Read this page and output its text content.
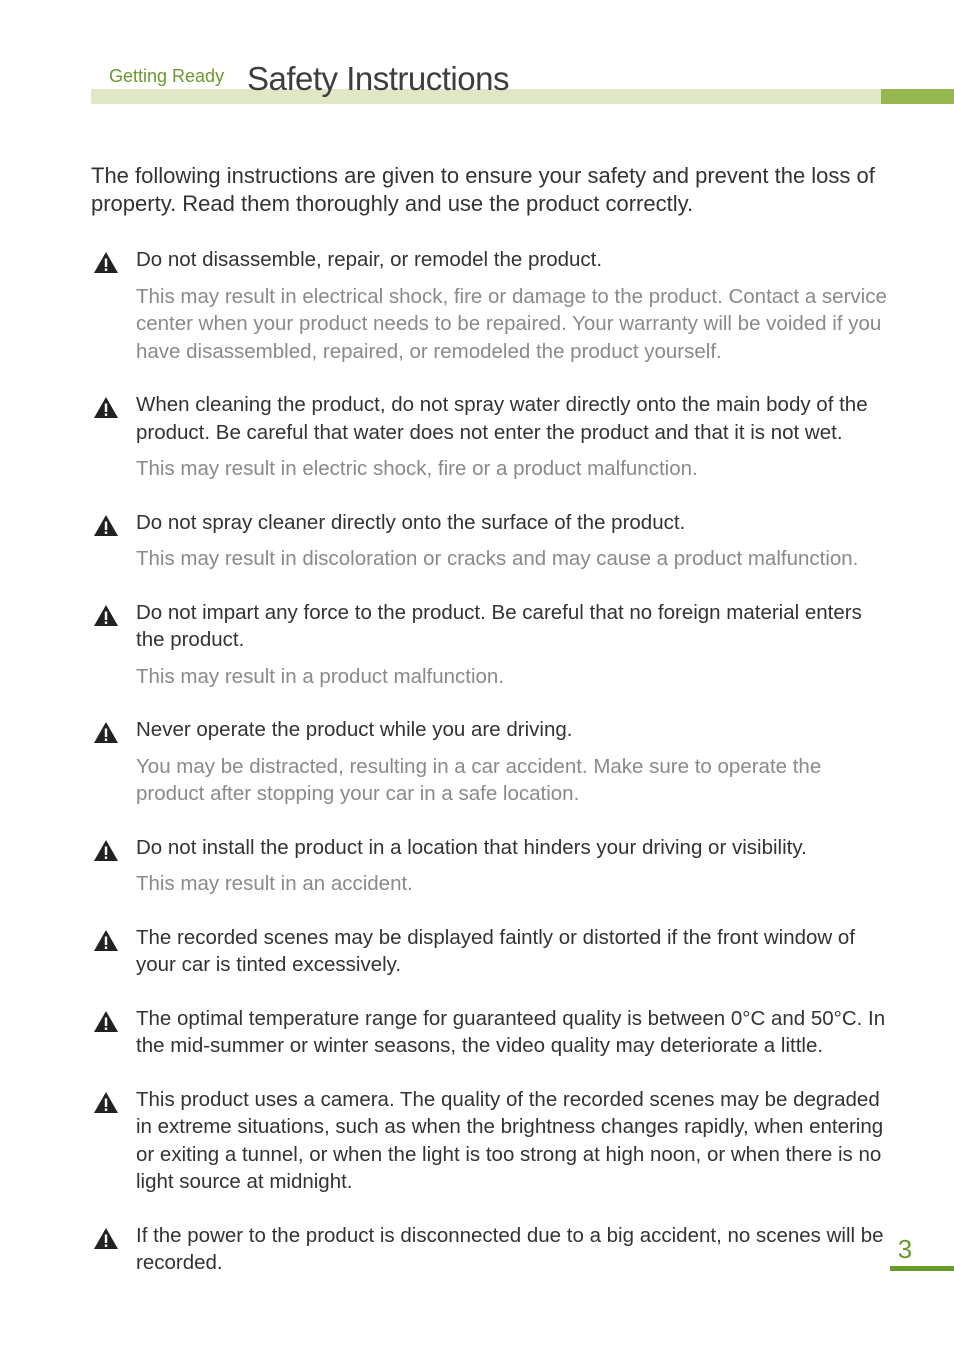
Getting Ready Safety Instructions

The following instructions are given to ensure your safety and prevent the loss of property. Read them thoroughly and use the product correctly.

Do not disassemble, repair, or remodel the product.

This may result in electrical shock, fire or damage to the product. Contact a service center when your product needs to be repaired. Your warranty will be voided if you have disassembled, repaired, or remodeled the product yourself.

When cleaning the product, do not spray water directly onto the main body of the product. Be careful that water does not enter the product and that it is not wet.

This may result in electric shock, fire or a product malfunction.

Do not spray cleaner directly onto the surface of the product.

This may result in discoloration or cracks and may cause a product malfunction.

Do not impart any force to the product. Be careful that no foreign material enters the product.

This may result in a product malfunction.

Never operate the product while you are driving.

You may be distracted, resulting in a car accident. Make sure to operate the product after stopping your car in a safe location.

Do not install the product in a location that hinders your driving or visibility.

This may result in an accident.

The recorded scenes may be displayed faintly or distorted if the front window of your car is tinted excessively.

The optimal temperature range for guaranteed quality is between 0°C and 50°C. In the mid-summer or winter seasons, the video quality may deteriorate a little.

This product uses a camera. The quality of the recorded scenes may be degraded in extreme situations, such as when the brightness changes rapidly, when entering or exiting a tunnel, or when the light is too strong at high noon, or when there is no light source at midnight.

If the power to the product is disconnected due to a big accident, no scenes will be recorded.	3
